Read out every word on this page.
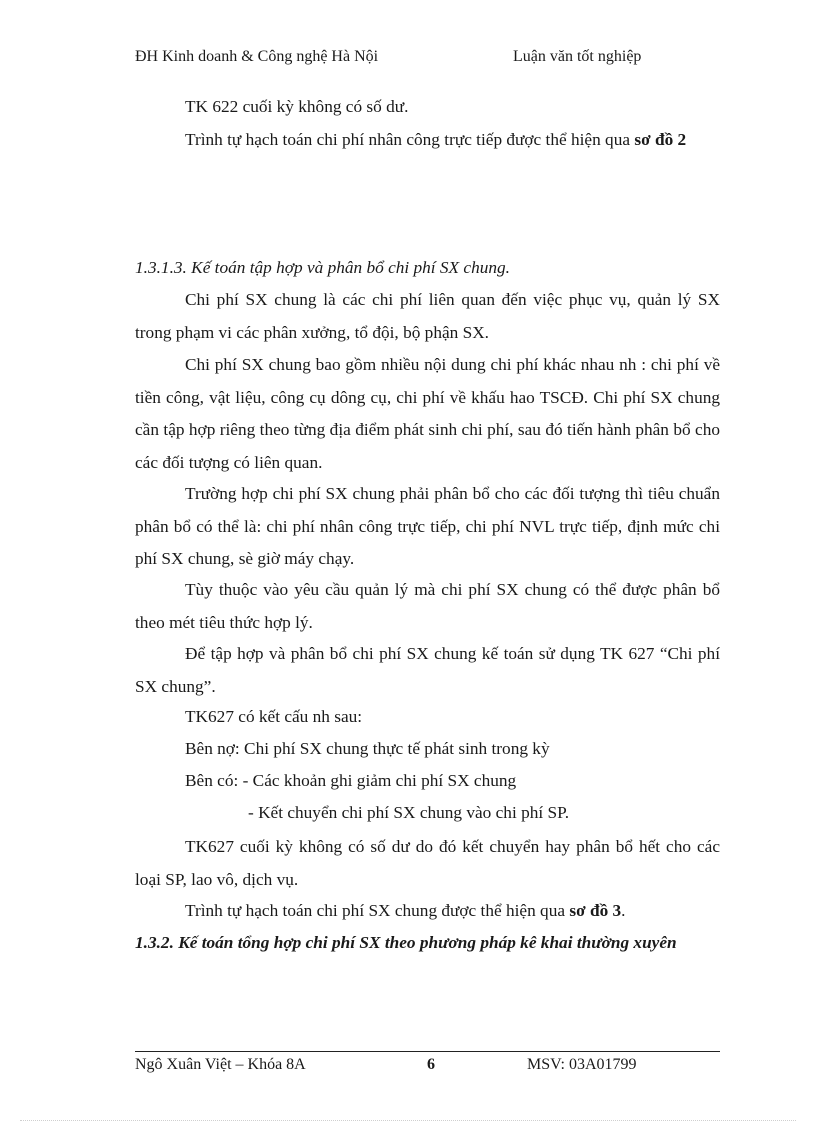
ĐH Kinh doanh & Công nghệ Hà Nội	Luận văn tốt nghiệp
TK 622 cuối kỳ không có số dư.
Trình tự hạch toán chi phí nhân công trực tiếp được thể hiện qua sơ đồ 2
1.3.1.3. Kế toán tập hợp và phân bổ chi phí SX chung.
Chi phí SX chung là các chi phí liên quan đến việc phục vụ, quản lý SX trong phạm vi các phân xưởng, tổ đội, bộ phận SX.
Chi phí SX chung bao gồm nhiều nội dung chi phí khác nhau nh : chi phí về tiền công, vật liệu, công cụ dông cụ, chi phí về khấu hao TSCĐ. Chi phí SX chung cần tập hợp riêng theo từng địa điểm phát sinh chi phí, sau đó tiến hành phân bổ cho các đối tượng có liên quan.
Trường hợp chi phí SX chung phải phân bổ cho các đối tượng thì tiêu chuẩn phân bổ có thể là: chi phí nhân công trực tiếp, chi phí NVL trực tiếp, định mức chi phí SX chung, sè giờ máy chạy.
Tùy thuộc vào yêu cầu quản lý mà chi phí SX chung có thể được phân bổ theo mét tiêu thức hợp lý.
Để tập hợp và phân bổ chi phí SX chung kế toán sử dụng TK 627 “Chi phí SX chung”.
TK627 có kết cấu nh sau:
Bên nợ: Chi phí SX chung thực tế phát sinh trong kỳ
Bên có: - Các khoản ghi giảm chi phí SX chung
- Kết chuyển chi phí SX chung vào chi phí SP.
TK627 cuối kỳ không có số dư do đó kết chuyển hay phân bổ hết cho các loại SP, lao vô, dịch vụ.
Trình tự hạch toán chi phí SX chung được thể hiện qua sơ đồ 3.
1.3.2. Kế toán tổng hợp chi phí SX theo phương pháp kê khai thường xuyên
Ngô Xuân Việt – Khóa 8A	6	MSV: 03A01799
